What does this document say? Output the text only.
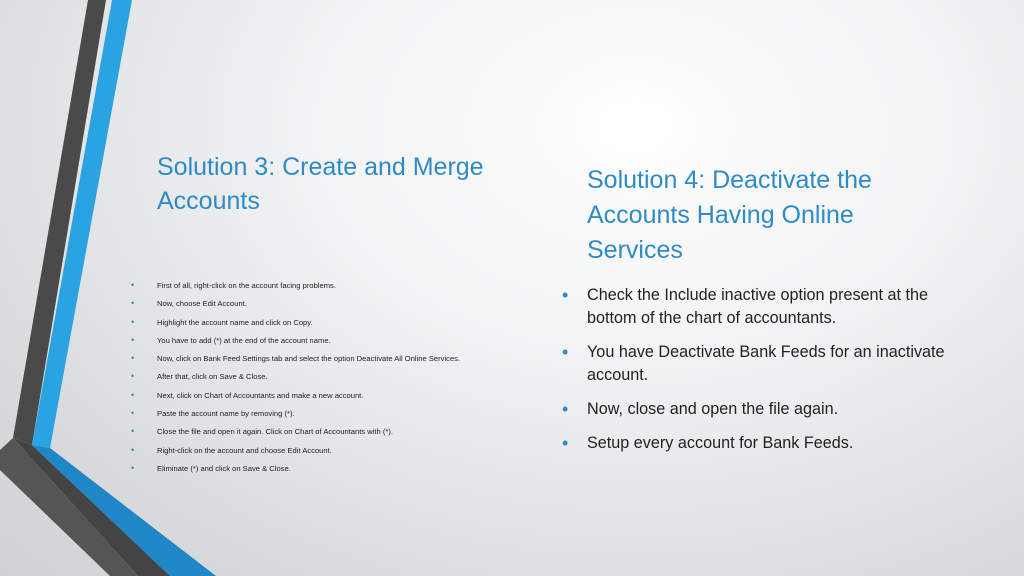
Solution 3: Create and Merge Accounts
Solution 4: Deactivate the Accounts Having Online Services
•	First of all, right-click on the account facing problems.
•	Now, choose Edit Account.
•	Highlight the account name and click on Copy.
•	You have to add (*) at the end of the account name.
•	Now, click on Bank Feed Settings tab and select the option Deactivate All Online Services.
•	After that, click on Save & Close.
•	Next, click on Chart of Accountants and make a new account.
•	Paste the account name by removing (*).
•	Close the file and open it again. Click on Chart of Accountants with (*).
•	Right-click on the account and choose Edit Account.
•	Eliminate (*) and click on Save & Close.
• Check the Include inactive option present at the bottom of the chart of accountants.
• You have Deactivate Bank Feeds for an inactivate account.
• Now, close and open the file again.
• Setup every account for Bank Feeds.
